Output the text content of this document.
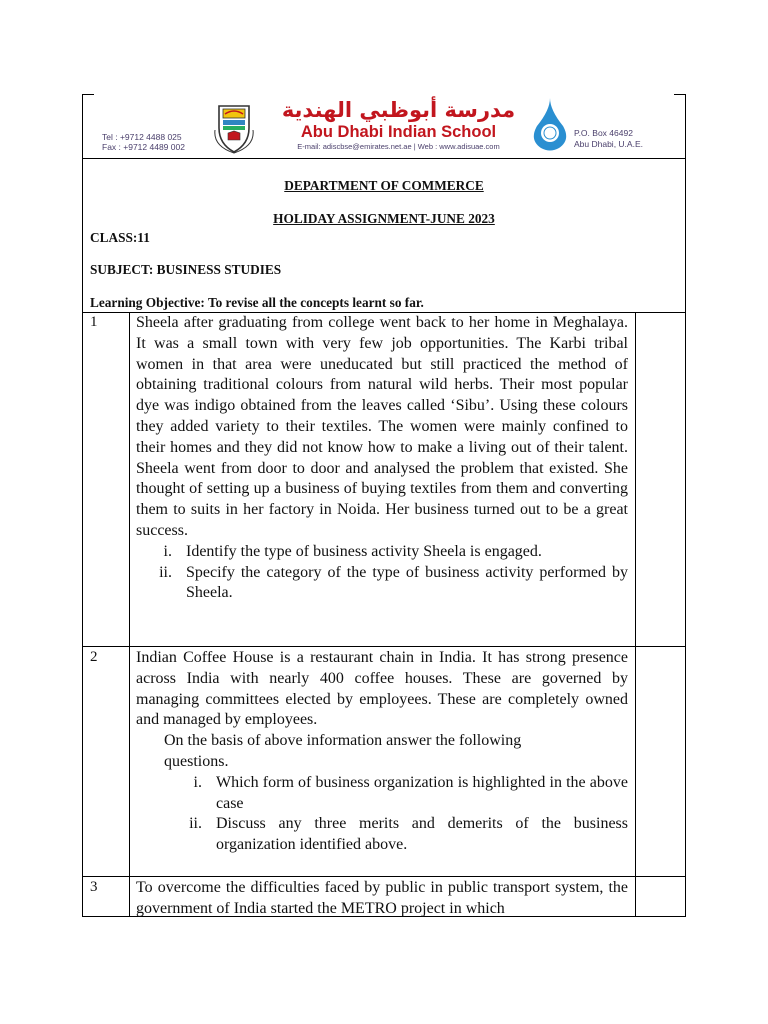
Tel : +9712 4488 025
Fax : +9712 4489 002
مدرسة أبوظبي الهندية
Abu Dhabi Indian School
E-mail: adiscbse@emirates.net.ae | Web : www.adisuae.com
P.O. Box 46492
Abu Dhabi, U.A.E.
DEPARTMENT OF COMMERCE
HOLIDAY ASSIGNMENT-JUNE 2023
CLASS:11
SUBJECT: BUSINESS STUDIES
Learning Objective: To revise all the concepts learnt so far.
1 Sheela after graduating from college went back to her home in Meghalaya. It was a small town with very few job opportunities. The Karbi tribal women in that area were uneducated but still practiced the method of obtaining traditional colours from natural wild herbs. Their most popular dye was indigo obtained from the leaves called ‘Sibu’. Using these colours they added variety to their textiles. The women were mainly confined to their homes and they did not know how to make a living out of their talent. Sheela went from door to door and analysed the problem that existed. She thought of setting up a business of buying textiles from them and converting them to suits in her factory in Noida. Her business turned out to be a great success.

i. Identify the type of business activity Sheela is engaged.
ii. Specify the category of the type of business activity performed by Sheela.
2 Indian Coffee House is a restaurant chain in India. It has strong presence across India with nearly 400 coffee houses. These are governed by managing committees elected by employees. These are completely owned and managed by employees.

On the basis of above information answer the following questions.

i. Which form of business organization is highlighted in the above case
ii. Discuss any three merits and demerits of the business organization identified above.
3 To overcome the difficulties faced by public in public transport system, the government of India started the METRO project in which
